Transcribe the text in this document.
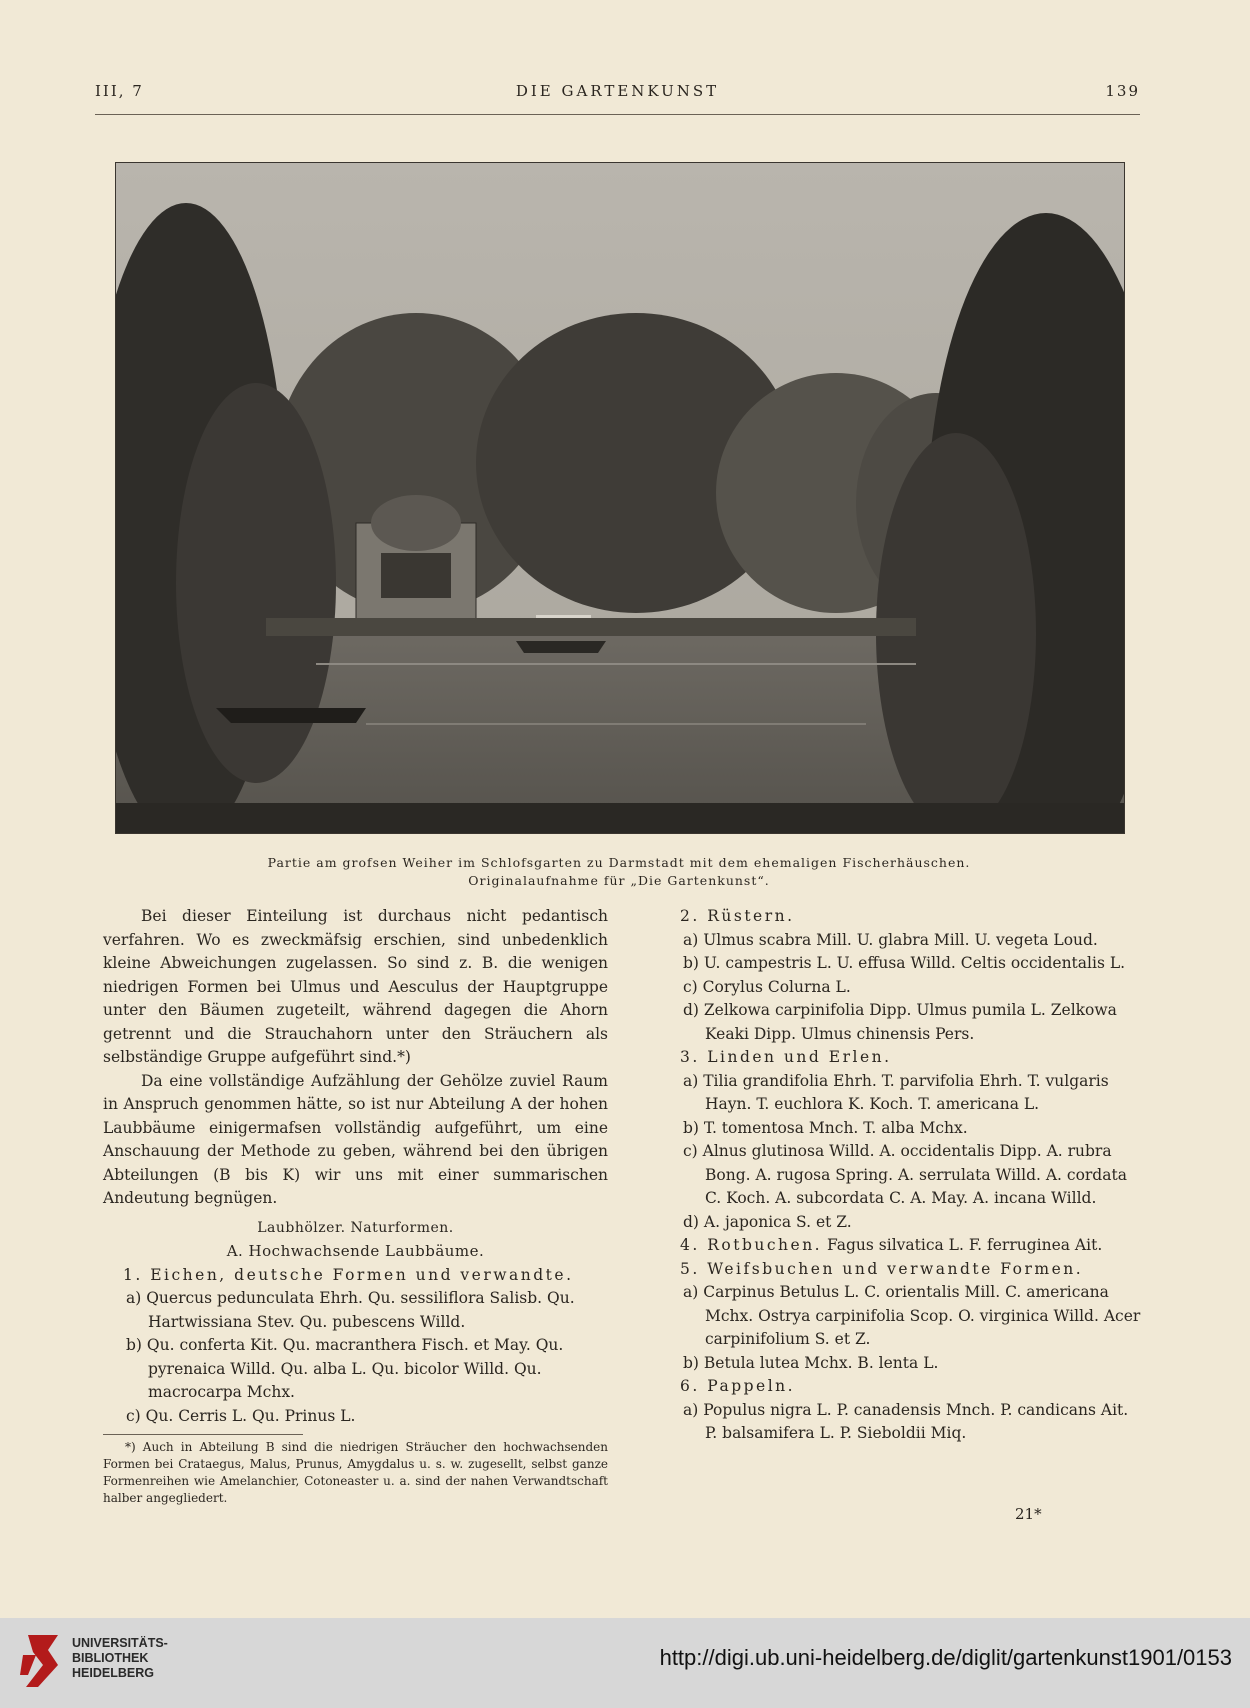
III, 7	DIE GARTENKUNST	139
Partie am grofsen Weiher im Schlofsgarten zu Darmstadt mit dem ehemaligen Fischerhäuschen.
Originalaufnahme für „Die Gartenkunst“.

Bei dieser Einteilung ist durchaus nicht pedantisch verfahren. Wo es zweckmäfsig erschien, sind unbedenklich kleine Abweichungen zugelassen. So sind z. B. die wenigen niedrigen Formen bei Ulmus und Aesculus der Hauptgruppe unter den Bäumen zugeteilt, während dagegen die Ahorn getrennt und die Strauchahorn unter den Sträuchern als selbständige Gruppe aufgeführt sind.*)

Da eine vollständige Aufzählung der Gehölze zuviel Raum in Anspruch genommen hätte, so ist nur Abteilung A der hohen Laubbäume einigermafsen vollständig aufgeführt, um eine Anschauung der Methode zu geben, während bei den übrigen Abteilungen (B bis K) wir uns mit einer summarischen Andeutung begnügen.

Laubhölzer. Naturformen.

A. Hochwachsende Laubbäume.

1. Eichen, deutsche Formen und verwandte.

a) Quercus pedunculata Ehrh. Qu. sessiliflora Salisb. Qu. Hartwissiana Stev. Qu. pubescens Willd.

b) Qu. conferta Kit. Qu. macranthera Fisch. et May. Qu. pyrenaica Willd. Qu. alba L. Qu. bicolor Willd. Qu. macrocarpa Mchx.

c) Qu. Cerris L. Qu. Prinus L.

*) Auch in Abteilung B sind die niedrigen Sträucher den hochwachsenden Formen bei Crataegus, Malus, Prunus, Amygdalus u. s. w. zugesellt, selbst ganze Formenreihen wie Amelanchier, Cotoneaster u. a. sind der nahen Verwandtschaft halber angegliedert.

2. Rüstern.

a) Ulmus scabra Mill. U. glabra Mill. U. vegeta Loud.

b) U. campestris L. U. effusa Willd. Celtis occidentalis L.

c) Corylus Colurna L.

d) Zelkowa carpinifolia Dipp. Ulmus pumila L. Zelkowa Keaki Dipp. Ulmus chinensis Pers.

3. Linden und Erlen.

a) Tilia grandifolia Ehrh. T. parvifolia Ehrh. T. vulgaris Hayn. T. euchlora K. Koch. T. americana L.

b) T. tomentosa Mnch. T. alba Mchx.

c) Alnus glutinosa Willd. A. occidentalis Dipp. A. rubra Bong. A. rugosa Spring. A. serrulata Willd. A. cordata C. Koch. A. subcordata C. A. May. A. incana Willd.

d) A. japonica S. et Z.

4. Rotbuchen. Fagus silvatica L. F. ferruginea Ait.

5. Weifsbuchen und verwandte Formen.

a) Carpinus Betulus L. C. orientalis Mill. C. americana Mchx. Ostrya carpinifolia Scop. O. virginica Willd. Acer carpinifolium S. et Z.

b) Betula lutea Mchx. B. lenta L.

6. Pappeln.

a) Populus nigra L. P. canadensis Mnch. P. candicans Ait. P. balsamifera L. P. Sieboldii Miq.

21*
UNIVERSITÄTS-
BIBLIOTHEK
HEIDELBERG
http://digi.ub.uni-heidelberg.de/diglit/gartenkunst1901/0153
